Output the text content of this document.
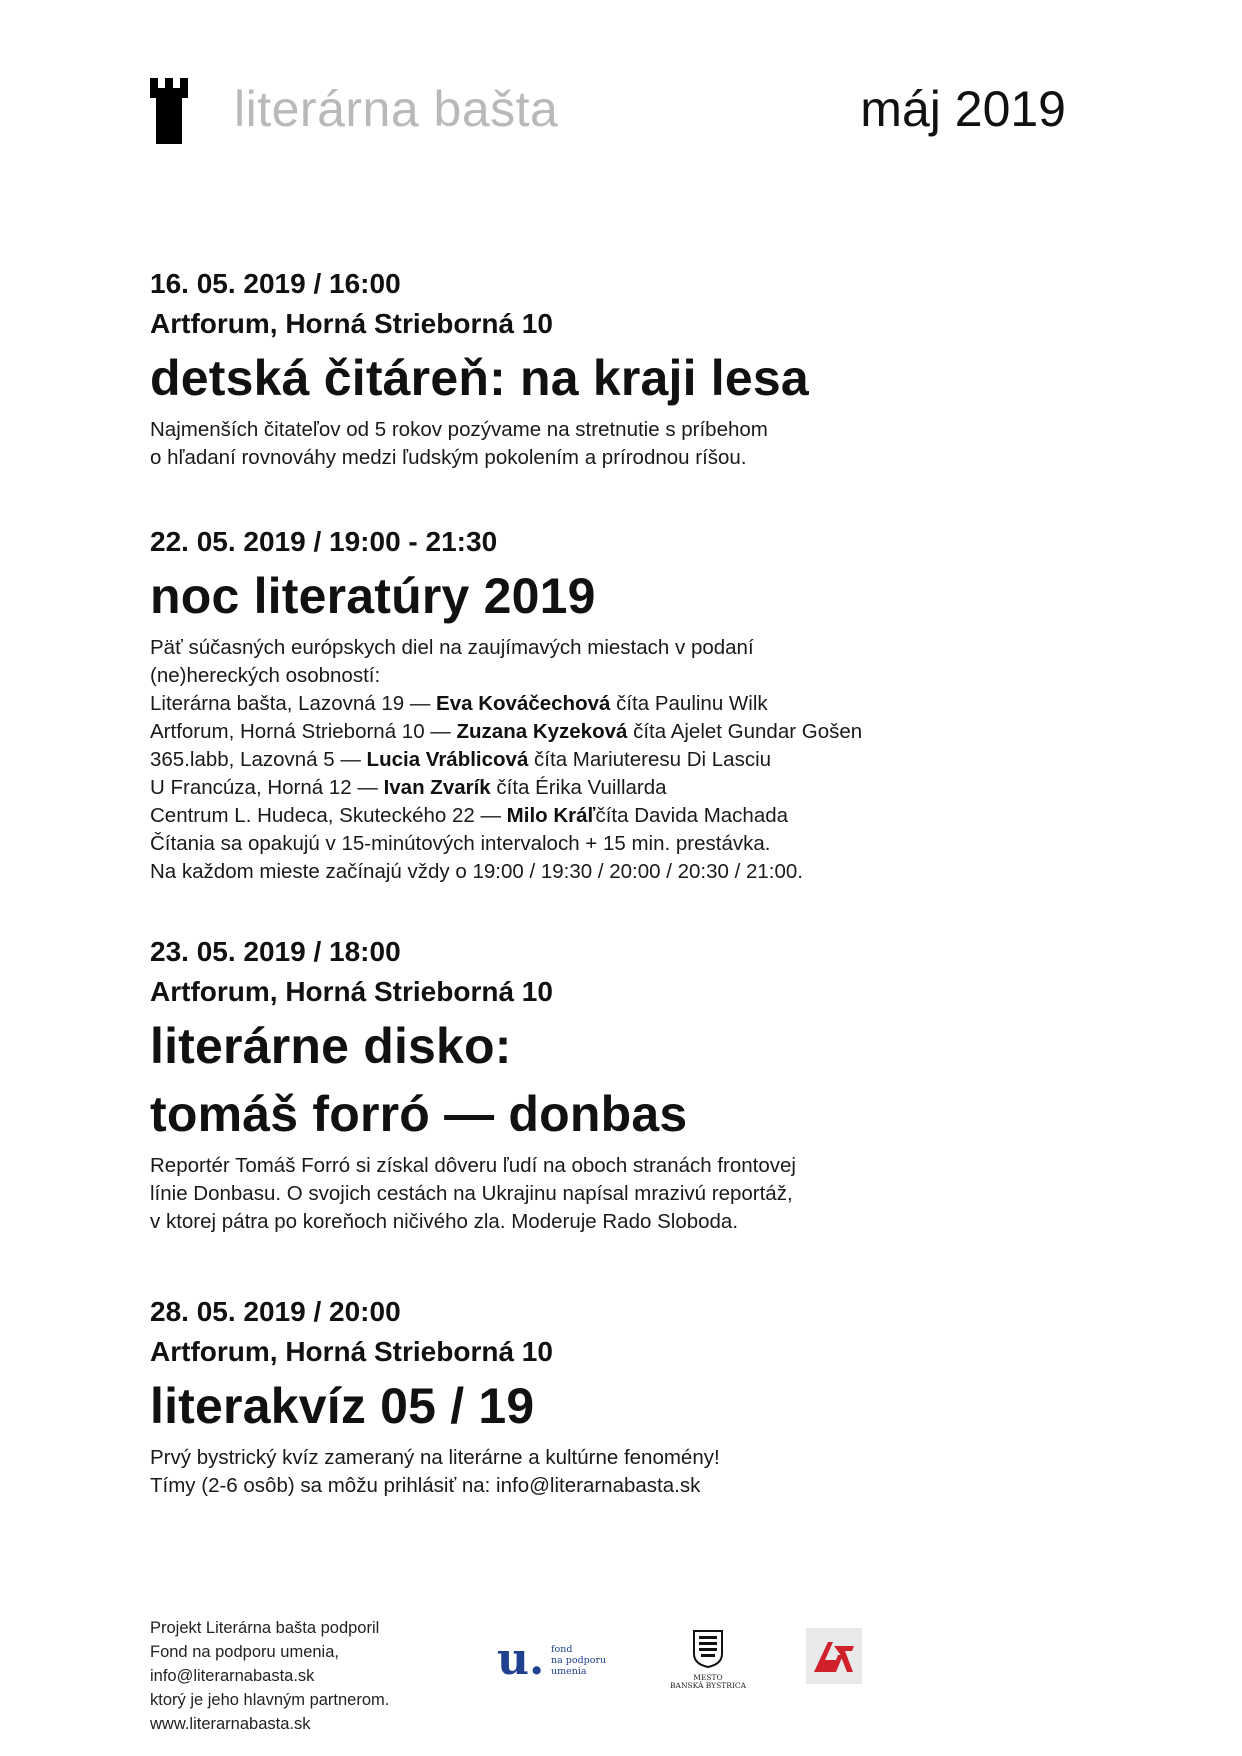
literárna bašta	máj 2019

16. 05. 2019 / 16:00

Artforum, Horná Strieborná 10

detská čitáreň: na kraji lesa

Najmenších čitateľov od 5 rokov pozývame na stretnutie s príbehom
o hľadaní rovnováhy medzi ľudským pokolením a prírodnou ríšou.

22. 05. 2019 / 19:00 - 21:30

noc literatúry 2019

Päť súčasných európskych diel na zaujímavých miestach v podaní
(ne)hereckých osobností:
Literárna bašta, Lazovná 19 — Eva Kováčechová číta Paulinu Wilk
Artforum, Horná Strieborná 10 — Zuzana Kyzeková číta Ajelet Gundar Gošen
365.labb, Lazovná 5 — Lucia Vráblicová číta Mariuteresu Di Lasciu
U Francúza, Horná 12 — Ivan Zvarík číta Érika Vuillarda
Centrum L. Hudeca, Skuteckého 22 — Milo Kráľčíta Davida Machada
Čítania sa opakujú v 15-minútových intervaloch + 15 min. prestávka.
Na každom mieste začínajú vždy o 19:00 / 19:30 / 20:00 / 20:30 / 21:00.

23. 05. 2019 / 18:00

Artforum, Horná Strieborná 10

literárne disko:

tomáš forró — donbas

Reportér Tomáš Forró si získal dôveru ľudí na oboch stranách frontovej
línie Donbasu. O svojich cestách na Ukrajinu napísal mrazivú reportáž,
v ktorej pátra po koreňoch ničivého zla. Moderuje Rado Sloboda.

28. 05. 2019 / 20:00

Artforum, Horná Strieborná 10

literakvíz 05 / 19

Prvý bystrický kvíz zameraný na literárne a kultúrne fenomény!
Tímy (2-6 osôb) sa môžu prihlásiť na: info@literarnabasta.sk
Projekt Literárna bašta podporil
Fond na podporu umenia,
info@literarnabasta.sk
ktorý je jeho hlavným partnerom.
www.literarnabasta.sk
u. fond
na podporu
umenia
MESTO
BANSKÁ BYSTRICA
